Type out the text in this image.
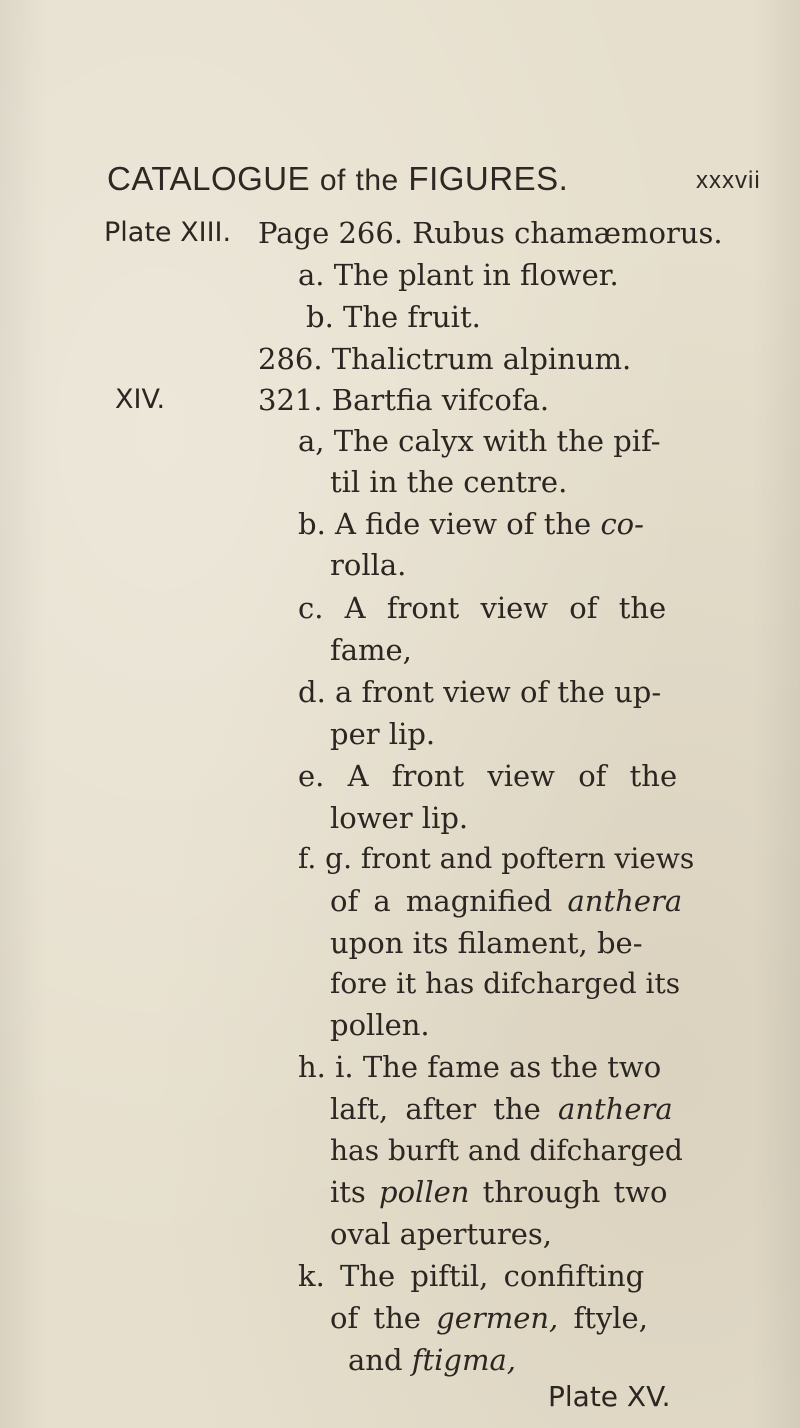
CATALOGUE of the FIGURES.	xxxvii
Plate XIII. Page 266. Rubus chamæmorus.
a. The plant in flower.
b. The fruit.
286. Thalictrum alpinum.
XIV.	321. Bartfia vifcofa.
a, The calyx with the pif-
til in the centre.
b. A fide view of the co-
rolla.
c. A front view of the
fame,
d. a front view of the up-
per lip.
e. A front view of the
lower lip.
f. g. front and poftern views
of a magnified anthera
upon its filament, be-
fore it has difcharged its
pollen.
h. i. The fame as the two
laft, after the anthera
has burft and difcharged
its pollen through two
oval apertures,
k. The piftil, confifting
of the germen, ftyle,
and ftigma,
Plate XV.
